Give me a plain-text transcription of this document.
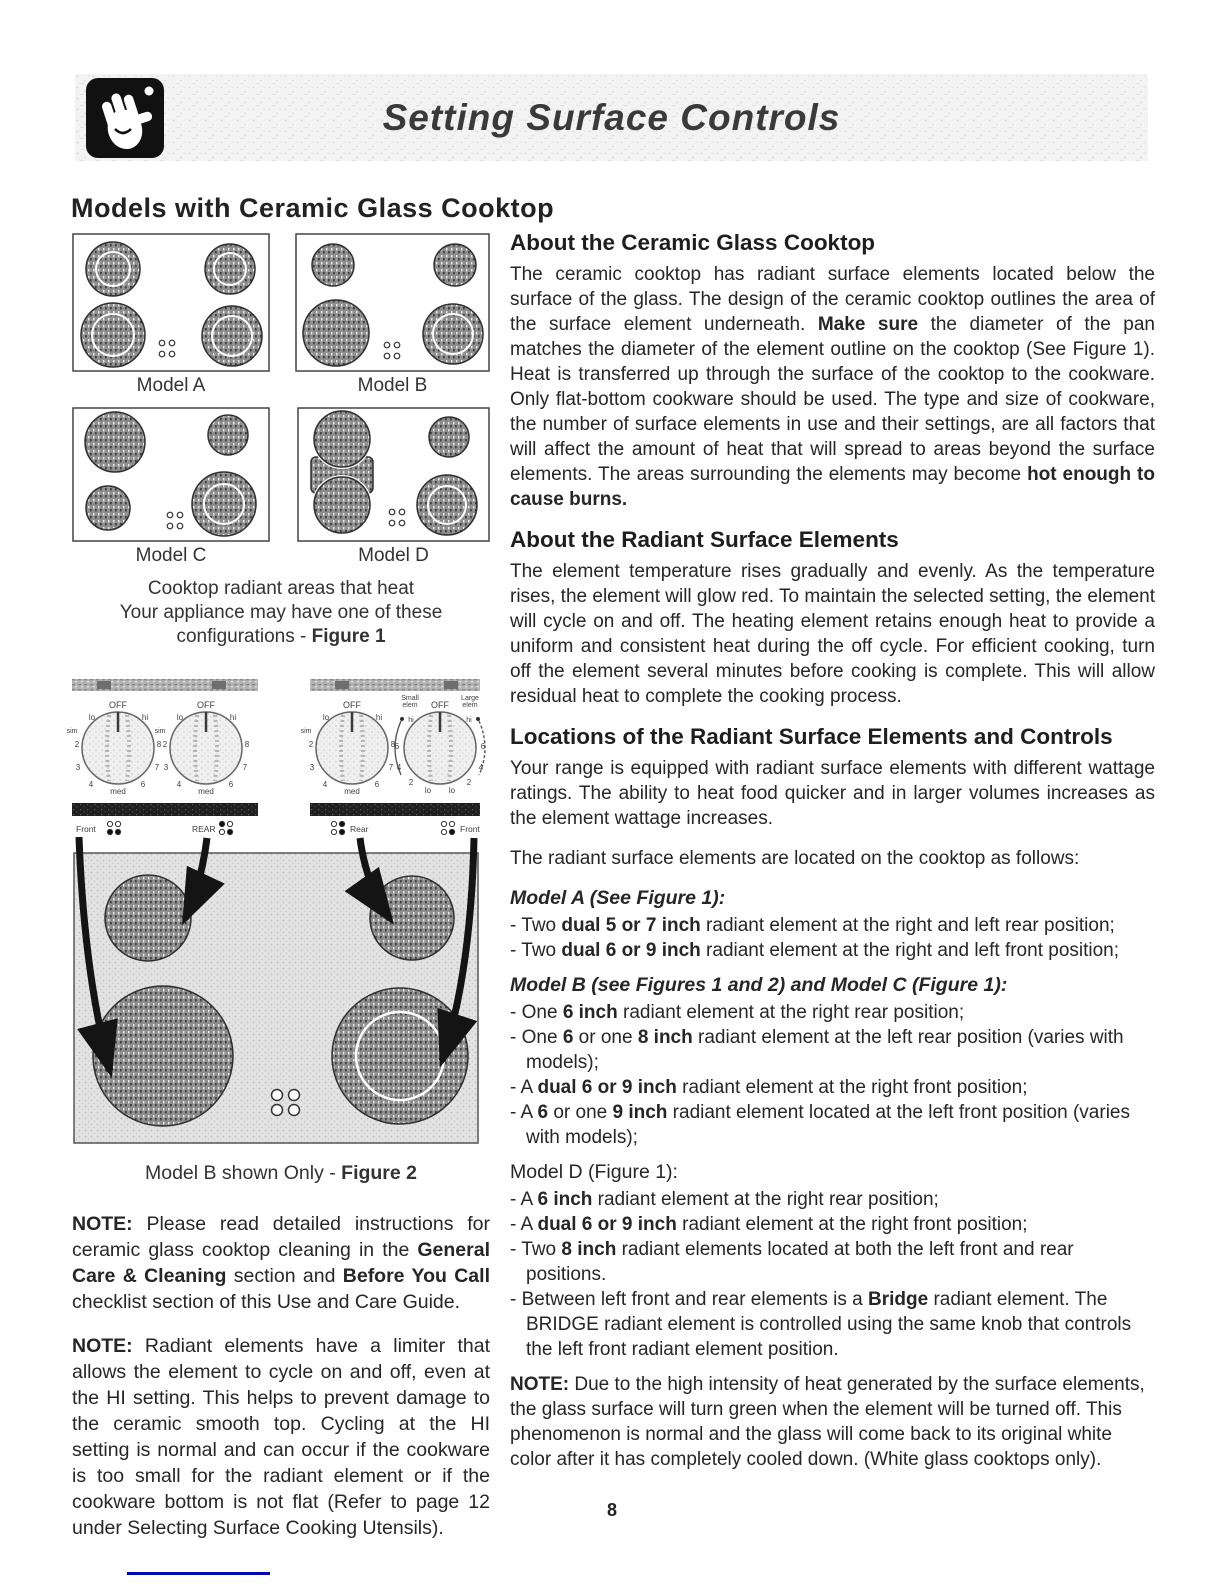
Setting Surface Controls
Models with Ceramic Glass Cooktop
Model A	Model B
Model C	Model D
Cooktop radiant areas that heat
Your appliance may have one of these
configurations - Figure 1
Front	REAR	Rear	Front
Model B shown Only - Figure 2

NOTE: Please read detailed instructions for ceramic glass cooktop cleaning in the General Care & Cleaning section and Before You Call checklist section of this Use and Care Guide.

NOTE: Radiant elements have a limiter that allows the element to cycle on and off, even at the HI setting. This helps to prevent damage to the ceramic smooth top. Cycling at the HI setting is normal and can occur if the cookware is too small for the radiant element or if the cookware bottom is not flat (Refer to page 12 under Selecting Surface Cooking Utensils).

About the Ceramic Glass Cooktop

The ceramic cooktop has radiant surface elements located below the surface of the glass. The design of the ceramic cooktop outlines the area of the surface element underneath. Make sure the diameter of the pan matches the diameter of the element outline on the cooktop (See Figure 1). Heat is transferred up through the surface of the cooktop to the cookware. Only flat-bottom cookware should be used. The type and size of cookware, the number of surface elements in use and their settings, are all factors that will affect the amount of heat that will spread to areas beyond the surface elements. The areas surrounding the elements may become hot enough to cause burns.

About the Radiant Surface Elements

The element temperature rises gradually and evenly. As the temperature rises, the element will glow red. To maintain the selected setting, the element will cycle on and off. The heating element retains enough heat to provide a uniform and consistent heat during the off cycle. For efficient cooking, turn off the element several minutes before cooking is complete. This will allow residual heat to complete the cooking process.

Locations of the Radiant Surface Elements and Controls

Your range is equipped with radiant surface elements with different wattage ratings. The ability to heat food quicker and in larger volumes increases as the element wattage increases.

The radiant surface elements are located on the cooktop as follows:

Model A (See Figure 1):
- Two dual 5 or 7 inch radiant element at the right and left rear position;
- Two dual 6 or 9 inch radiant element at the right and left front position;
Model B (see Figures 1 and 2) and Model C (Figure 1):
- One 6 inch radiant element at the right rear position;
- One 6 or one 8 inch radiant element at the left rear position (varies with models);
- A dual 6 or 9 inch radiant element at the right front position;
- A 6 or one 9 inch radiant element located at the left front position (varies with models);
Model D (Figure 1):
- A 6 inch radiant element at the right rear position;
- A dual 6 or 9 inch radiant element at the right front position;
- Two 8 inch radiant elements located at both the left front and rear positions.
- Between left front and rear elements is a Bridge radiant element. The BRIDGE radiant element is controlled using the same knob that controls the left front radiant element position.

NOTE: Due to the high intensity of heat generated by the surface elements, the glass surface will turn green when the element will be turned off. This phenomenon is normal and the glass will come back to its original white color after it has completely cooled down. (White glass cooktops only).

8
